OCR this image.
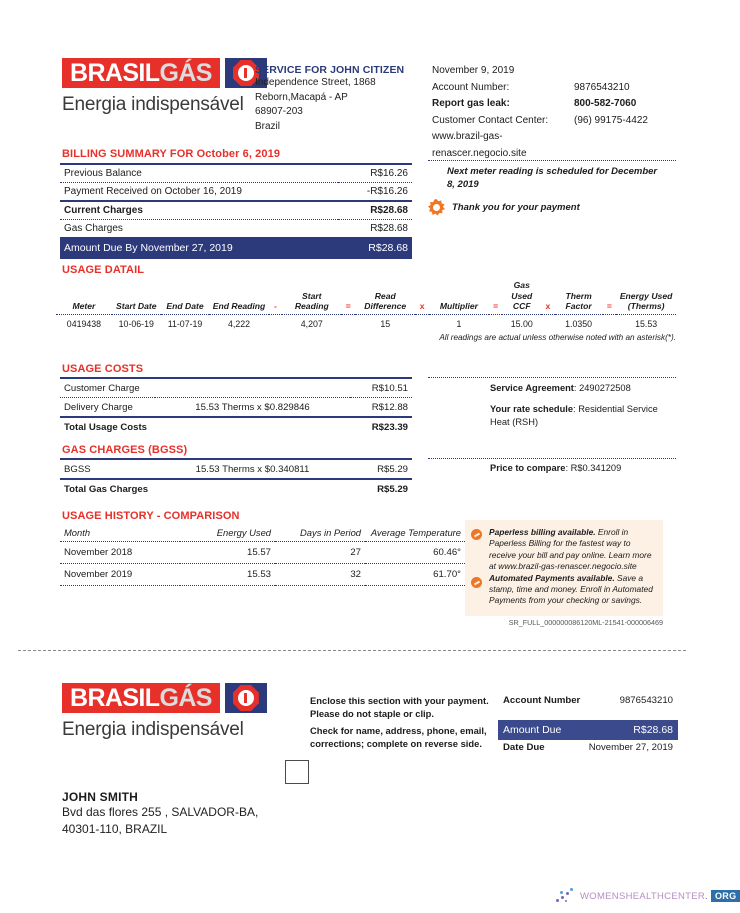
BRASIL GÁS
Energia indispensável
SERVICE FOR JOHN CITIZEN
Independence Street, 1868
Reborn,Macapá - AP
68907-203
Brazil
November 9, 2019	
Account Number:	9876543210
Report gas leak:	800-582-7060
Customer Contact Center:	(96) 99175-4422
www.brazil-gas-	
renascer.negocio.site	
BILLING SUMMARY FOR October 6, 2019
Previous Balance	R$16.26
Payment Received on October 16, 2019	-R$16.26
Current Charges	R$28.68
Gas Charges	R$28.68
Amount Due By November 27, 2019	R$28.68
Next meter reading is scheduled for December 8, 2019
Thank you for your payment
USAGE DATAIL
Meter	Start Date	End Date	End Reading	-	Start Reading	=	Read Difference	x	Multiplier	=	Gas Used CCF	x	Therm Factor	=	Energy Used (Therms)
0419438	10-06-19	11-07-19	4,222		4,207		15		1		15.00		1.0350		15.53
All readings are actual unless otherwise noted with an asterisk(*).
USAGE COSTS
Customer Charge		R$10.51
Delivery Charge	15.53 Therms x $0.829846	R$12.88
Total Usage Costs		R$23.39
Service Agreement: 2490272508
Your rate schedule: Residential Service Heat (RSH)
GAS CHARGES (BGSS)
BGSS	15.53 Therms x $0.340811	R$5.29
Total Gas Charges		R$5.29
Price to compare: R$0.341209
USAGE HISTORY - COMPARISON
Month	Energy Used	Days in Period	Average Temperature
November 2018	15.57	27	60.46°
November 2019	15.53	32	61.70°

Paperless billing available. Enroll in Paperless Billing for the fastest way to receive your bill and pay online. Learn more at www.brazil-gas-renascer.negocio.site
Automated Payments available. Save a stamp, time and money. Enroll in Automated Payments from your checking or savings.
SR_FULL_000000086120ML-21541-000006469
BRASIL GÁS
Energia indispensável
Enclose this section with your payment.
Please do not staple or clip.
Check for name, address, phone, email,
corrections; complete on reverse side.
Account Number	9876543210
Amount Due	R$28.68
Date Due	November 27, 2019
JOHN SMITH
Bvd das flores 255 , SALVADOR-BA,
40301-110, BRAZIL
WOMENSHEALTHCENTER . ORG
